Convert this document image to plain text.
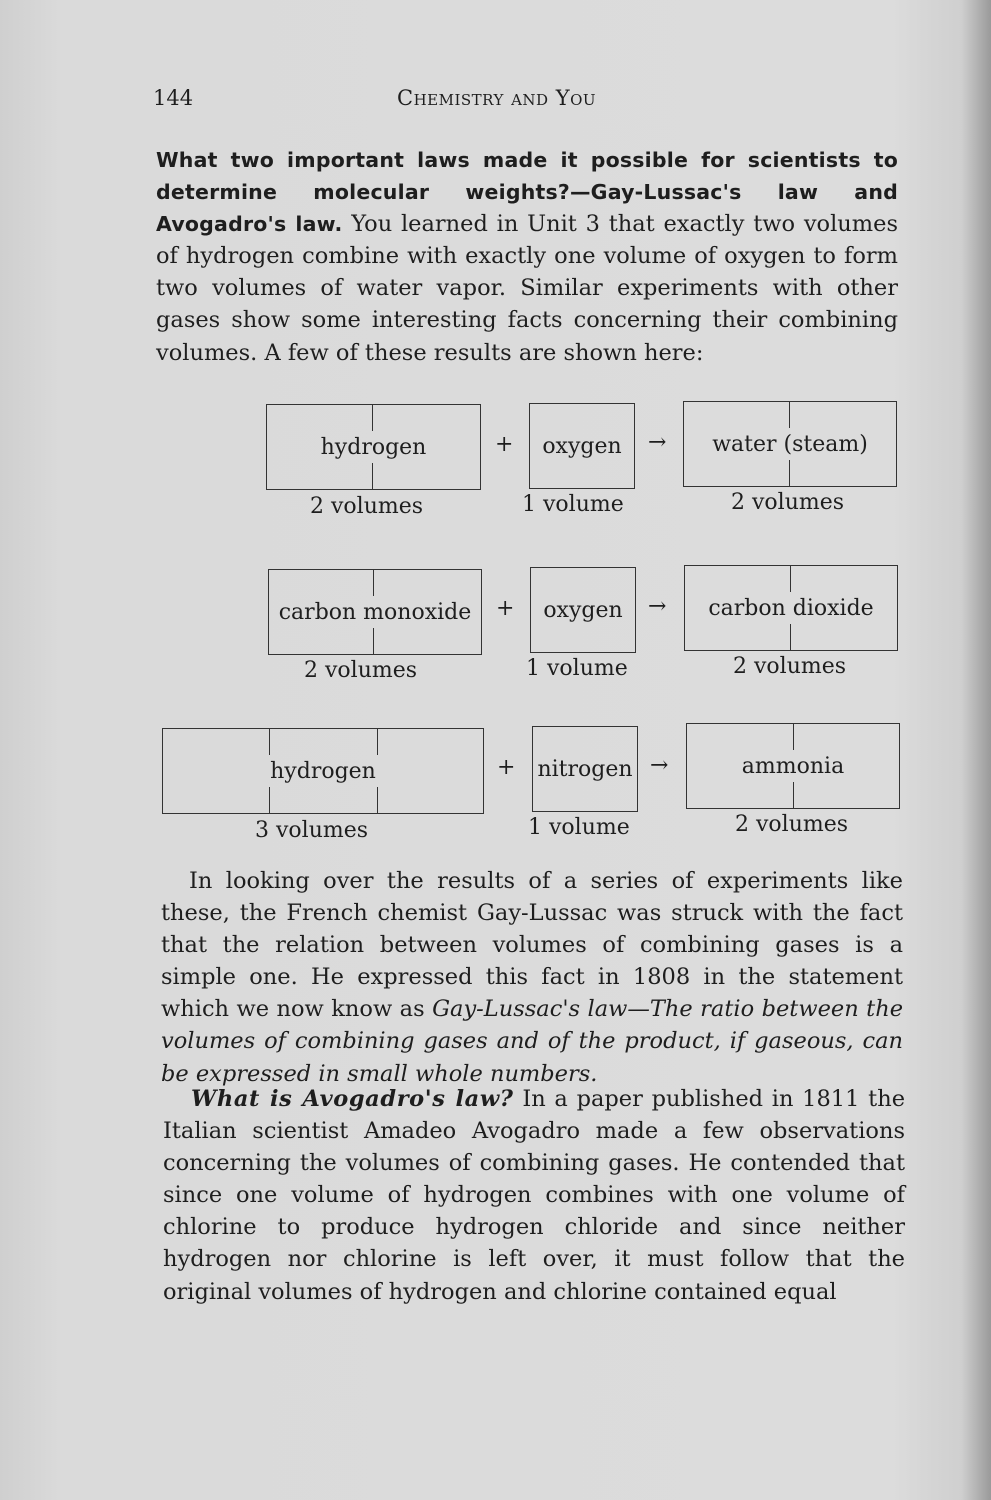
144	Chemistry and You
What two important laws made it possible for scientists to determine molecular weights?—Gay-Lussac's law and Avogadro's law. You learned in Unit 3 that exactly two volumes of hydrogen combine with exactly one volume of oxygen to form two volumes of water vapor. Similar experiments with other gases show some interesting facts concerning their combining volumes. A few of these results are shown here:
hydrogen	+ oxygen → water (steam)
2 volumes	1 volume	2 volumes
carbon monoxide + oxygen → carbon dioxide
2 volumes	1 volume	2 volumes
hydrogen	+ nitrogen →	ammonia
3 volumes	1 volume	2 volumes
In looking over the results of a series of experiments like these, the French chemist Gay-Lussac was struck with the fact that the relation between volumes of combining gases is a simple one. He expressed this fact in 1808 in the statement which we now know as Gay-Lussac's law—The ratio between the volumes of combining gases and of the product, if gaseous, can be expressed in small whole numbers.
What is Avogadro's law? In a paper published in 1811 the Italian scientist Amadeo Avogadro made a few observations concerning the volumes of combining gases. He contended that since one volume of hydrogen combines with one volume of chlorine to produce hydrogen chloride and since neither hydrogen nor chlorine is left over, it must follow that the original volumes of hydrogen and chlorine contained equal
